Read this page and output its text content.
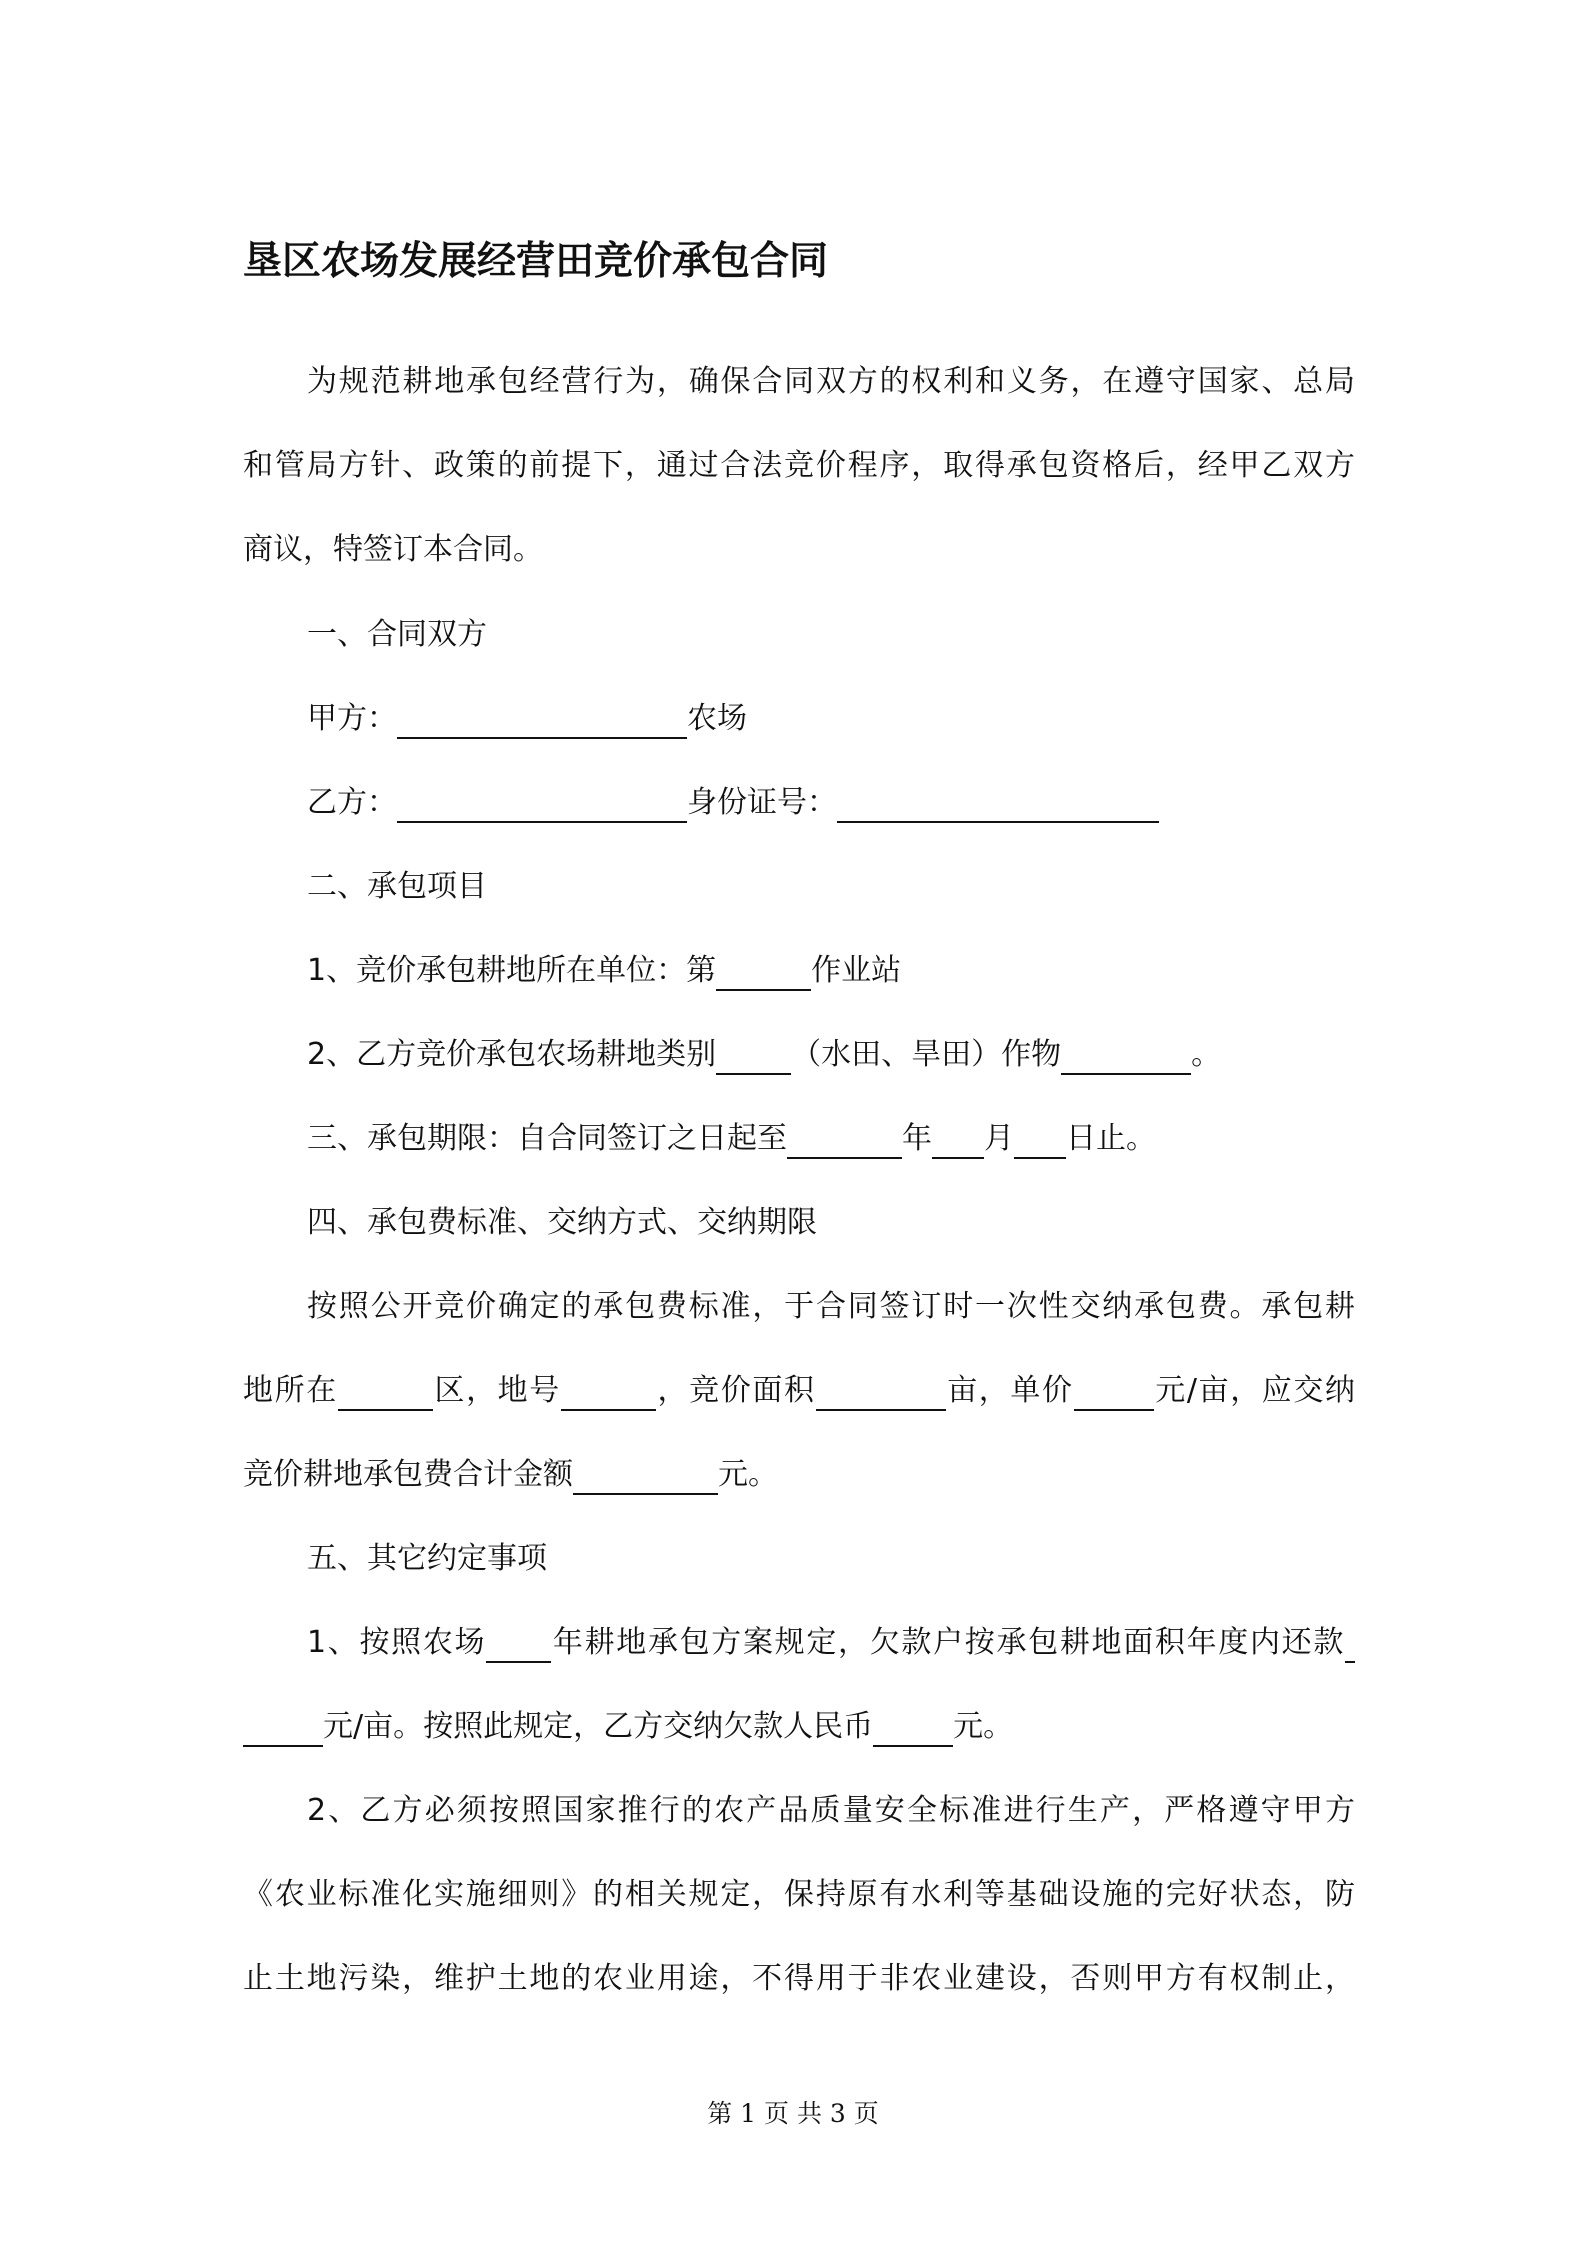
垦区农场发展经营田竞价承包合同
为规范耕地承包经营行为，确保合同双方的权利和义务，在遵守国家、总局
和管局方针、政策的前提下，通过合法竞价程序，取得承包资格后，经甲乙双方
商议，特签订本合同。
一、合同双方
甲方：	农场
乙方：	身份证号：
二、承包项目
1、竞价承包耕地所在单位：第	作业站
2、乙方竞价承包农场耕地类别	（水田、旱田）作物	。
三、承包期限：自合同签订之日起至	年 月 日止。
四、承包费标准、交纳方式、交纳期限
按照公开竞价确定的承包费标准，于合同签订时一次性交纳承包费。承包耕
地所在	区，地号	，竞价面积	亩，单价	元/亩，应交纳
竞价耕地承包费合计金额	元。
五、其它约定事项
1、按照农场 年耕地承包方案规定，欠款户按承包耕地面积年度内还款
元/亩。按照此规定，乙方交纳欠款人民币	元。
2、乙方必须按照国家推行的农产品质量安全标准进行生产，严格遵守甲方
《农业标准化实施细则》的相关规定，保持原有水利等基础设施的完好状态，防
止土地污染，维护土地的农业用途，不得用于非农业建设，否则甲方有权制止，
第 1 页 共 3 页
